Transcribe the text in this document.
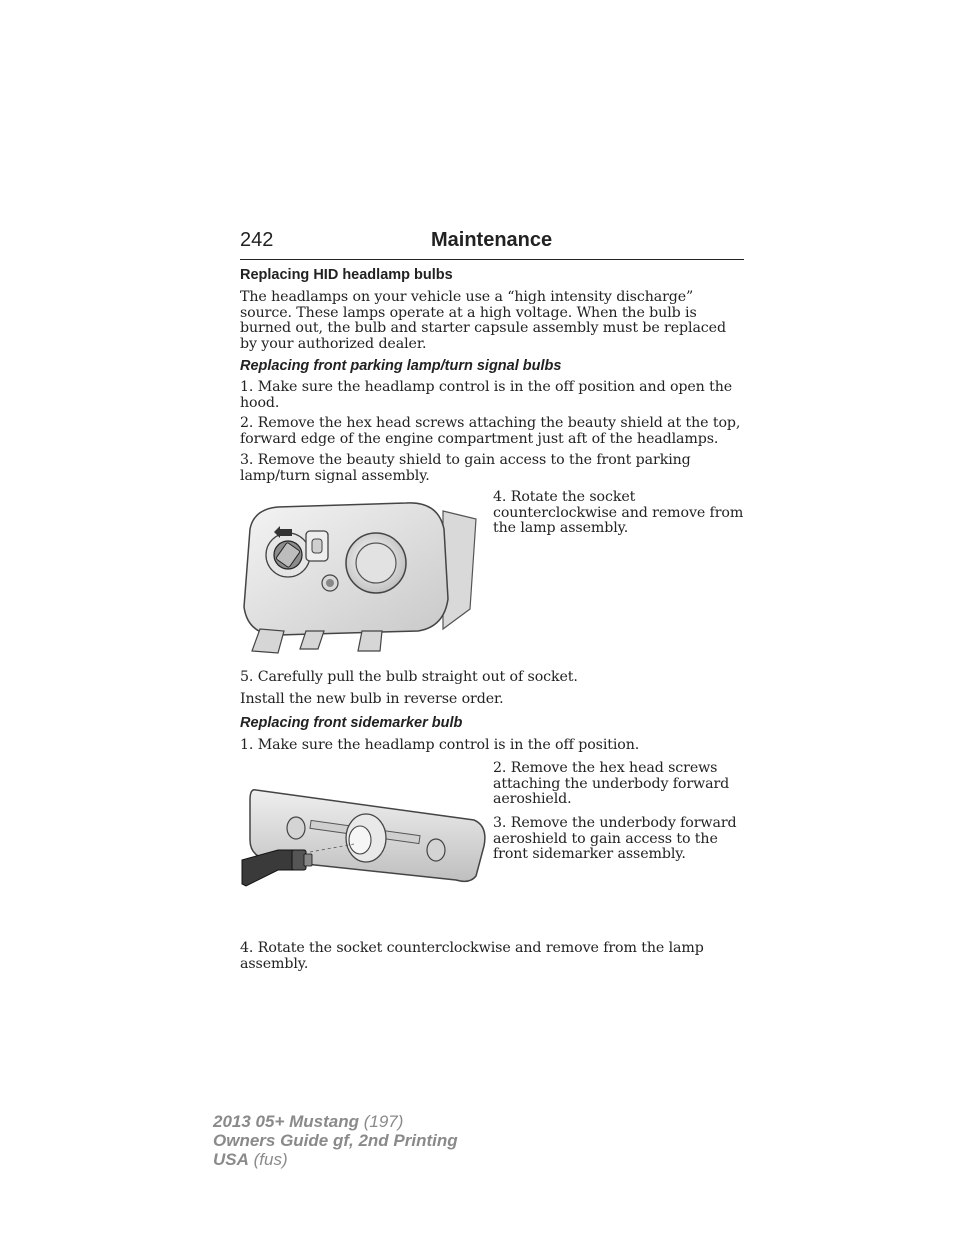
242	Maintenance
Replacing HID headlamp bulbs
The headlamps on your vehicle use a “high intensity discharge” source. These lamps operate at a high voltage. When the bulb is burned out, the bulb and starter capsule assembly must be replaced by your authorized dealer.
Replacing front parking lamp/turn signal bulbs
1. Make sure the headlamp control is in the off position and open the hood.
2. Remove the hex head screws attaching the beauty shield at the top, forward edge of the engine compartment just aft of the headlamps.
3. Remove the beauty shield to gain access to the front parking lamp/turn signal assembly.
4. Rotate the socket counterclockwise and remove from the lamp assembly.
5. Carefully pull the bulb straight out of socket.
Install the new bulb in reverse order.
Replacing front sidemarker bulb
1. Make sure the headlamp control is in the off position.
2. Remove the hex head screws attaching the underbody forward aeroshield.
3. Remove the underbody forward aeroshield to gain access to the front sidemarker assembly.
4. Rotate the socket counterclockwise and remove from the lamp assembly.
2013 05+ Mustang (197)
Owners Guide gf, 2nd Printing
USA (fus)
